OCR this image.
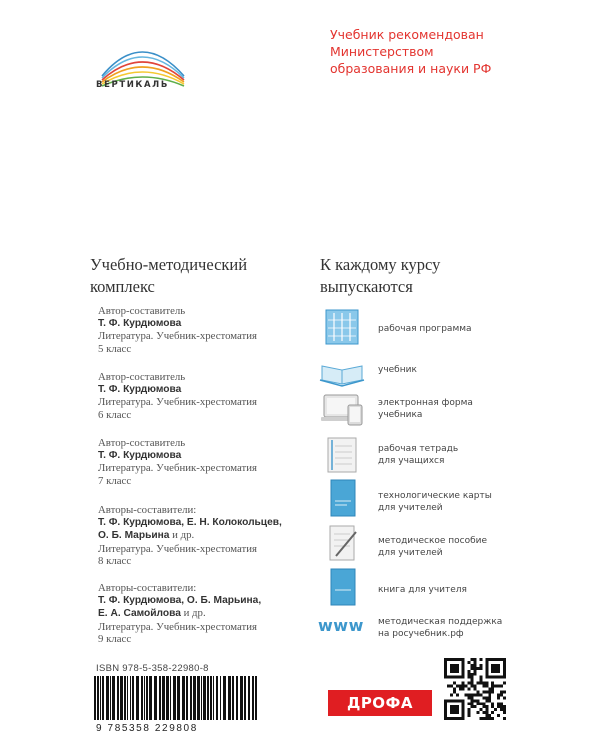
ВЕРТИКАЛЬ
Учебник рекомендован
Министерством
образования и науки РФ
Учебно-методический
комплекс
Автор-составитель
Т. Ф. Курдюмова
Литература. Учебник-хрестоматия
5 класс
Автор-составитель
Т. Ф. Курдюмова
Литература. Учебник-хрестоматия
6 класс
Автор-составитель
Т. Ф. Курдюмова
Литература. Учебник-хрестоматия
7 класс
Авторы-составители:
Т. Ф. Курдюмова, Е. Н. Колокольцев,
О. Б. Марьина и др.
Литература. Учебник-хрестоматия
8 класс
Авторы-составители:
Т. Ф. Курдюмова, О. Б. Марьина,
Е. А. Самойлова и др.
Литература. Учебник-хрестоматия
9 класс
К каждому курсу
выпускаются
рабочая программа
учебник
электронная форма
учебника
рабочая тетрадь
для учащихся
технологические карты
для учителей
методическое пособие
для учителей
книга для учителя
www методическая поддержка
на росучебник.рф
ISBN 978-5-358-22980-8
9 785358 229808
ДРОФА
